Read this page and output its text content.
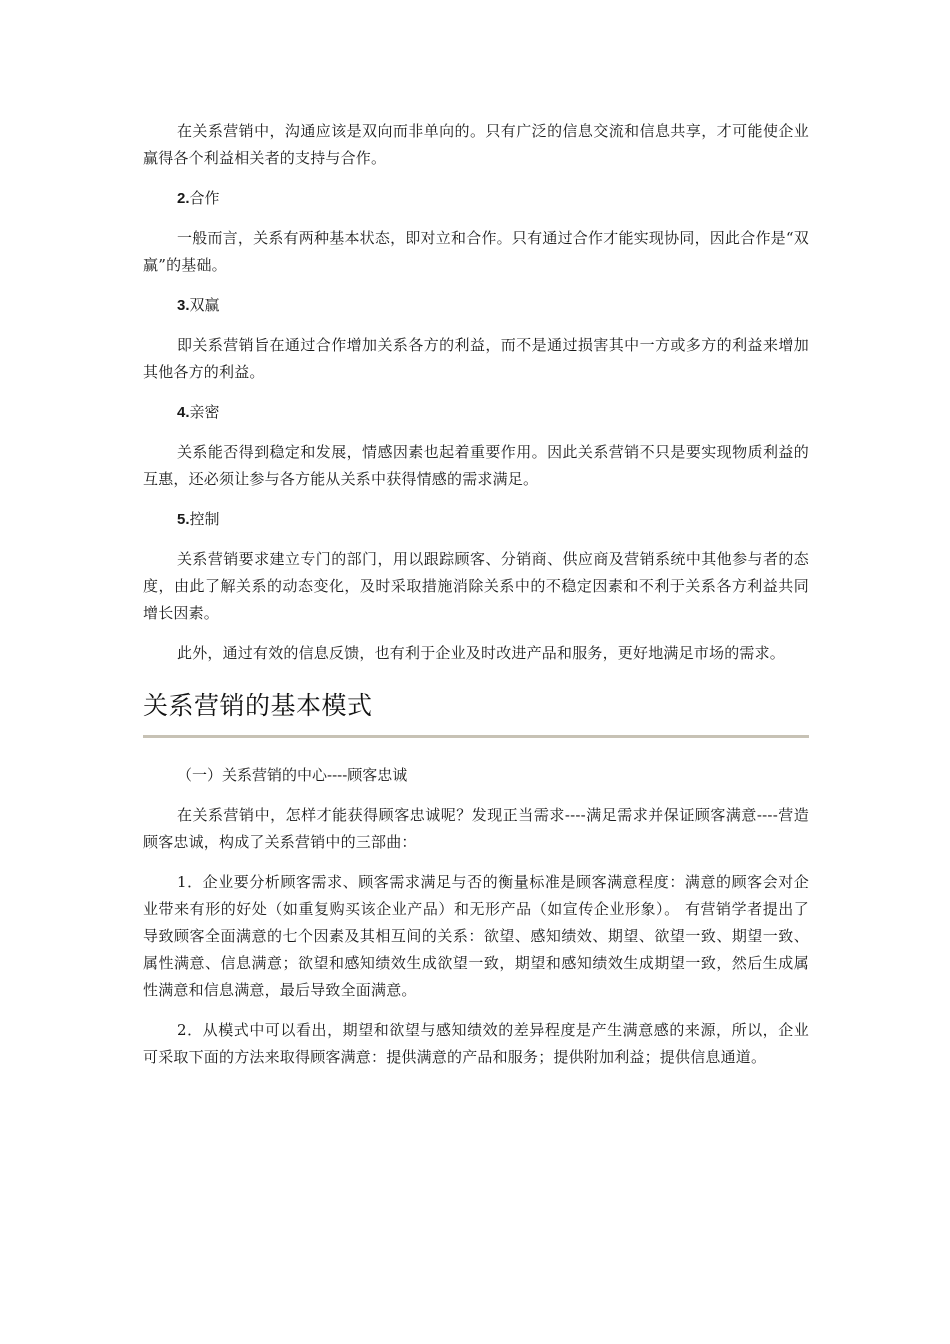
在关系营销中，沟通应该是双向而非单向的。只有广泛的信息交流和信息共享，才可能使企业赢得各个利益相关者的支持与合作。

2.合作

一般而言，关系有两种基本状态，即对立和合作。只有通过合作才能实现协同，因此合作是“双赢”的基础。

3.双赢

即关系营销旨在通过合作增加关系各方的利益，而不是通过损害其中一方或多方的利益来增加其他各方的利益。

4.亲密

关系能否得到稳定和发展，情感因素也起着重要作用。因此关系营销不只是要实现物质利益的互惠，还必须让参与各方能从关系中获得情感的需求满足。

5.控制

关系营销要求建立专门的部门，用以跟踪顾客、分销商、供应商及营销系统中其他参与者的态度，由此了解关系的动态变化，及时采取措施消除关系中的不稳定因素和不利于关系各方利益共同增长因素。

此外，通过有效的信息反馈，也有利于企业及时改进产品和服务，更好地满足市场的需求。

关系营销的基本模式
（一）关系营销的中心----顾客忠诚

在关系营销中，怎样才能获得顾客忠诚呢？发现正当需求----满足需求并保证顾客满意----营造顾客忠诚，构成了关系营销中的三部曲：

1．企业要分析顾客需求、顾客需求满足与否的衡量标准是顾客满意程度：满意的顾客会对企业带来有形的好处（如重复购买该企业产品）和无形产品（如宣传企业形象）。 有营销学者提出了导致顾客全面满意的七个因素及其相互间的关系：欲望、感知绩效、期望、欲望一致、期望一致、属性满意、信息满意；欲望和感知绩效生成欲望一致，期望和感知绩效生成期望一致，然后生成属性满意和信息满意，最后导致全面满意。

2．从模式中可以看出，期望和欲望与感知绩效的差异程度是产生满意感的来源，所以，企业可采取下面的方法来取得顾客满意：提供满意的产品和服务；提供附加利益；提供信息通道。
